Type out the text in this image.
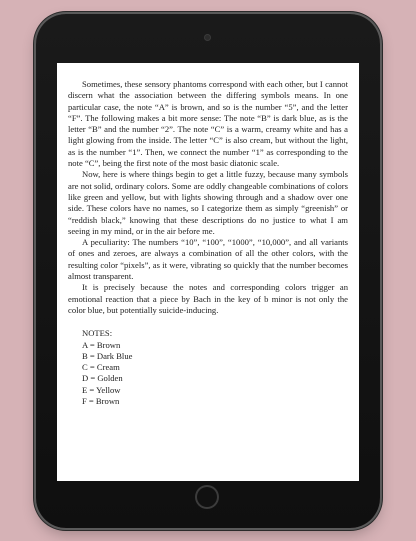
Sometimes, these sensory phantoms correspond with each other, but I cannot discern what the association between the differing symbols means. In one particular case, the note “A” is brown, and so is the number “5”, and the letter “F”. The following makes a bit more sense: The note “B” is dark blue, as is the letter “B” and the number “2”. The note “C” is a warm, creamy white and has a light glowing from the inside. The letter “C” is also cream, but without the light, as is the number “1”. Then, we connect the number “1” as corresponding to the note “C”, being the first note of the most basic diatonic scale.

Now, here is where things begin to get a little fuzzy, because many symbols are not solid, ordinary colors. Some are oddly changeable combinations of colors like green and yellow, but with lights showing through and a shadow over one side. These colors have no names, so I categorize them as simply “greenish” or “reddish black,” knowing that these descriptions do no justice to what I am seeing in my mind, or in the air before me.

A peculiarity: The numbers “10”, “100”, “1000”, “10,000”, and all variants of ones and zeroes, are always a combination of all the other colors, with the resulting color “pixels”, as it were, vibrating so quickly that the number becomes almost transparent.

It is precisely because the notes and corresponding colors trigger an emotional reaction that a piece by Bach in the key of b minor is not only the color blue, but potentially suicide-inducing.

NOTES:
A = Brown
B = Dark Blue
C = Cream
D = Golden
E = Yellow
F = Brown
